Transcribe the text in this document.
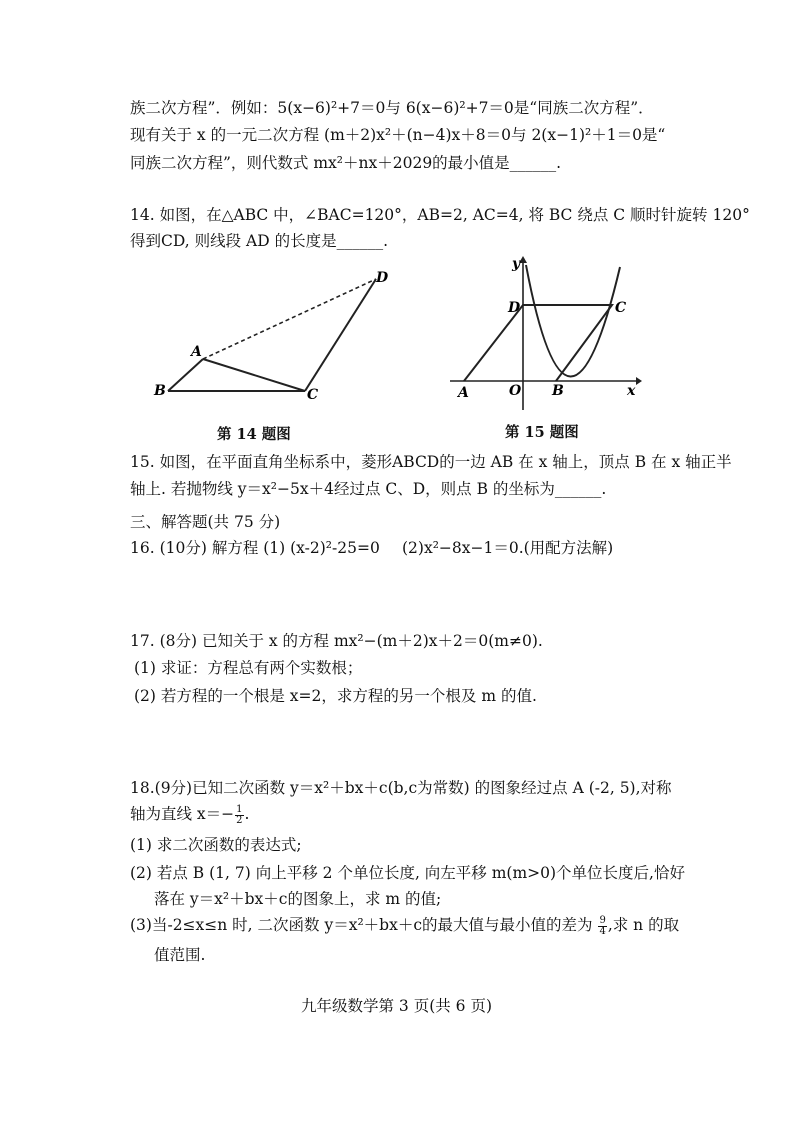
族二次方程”．例如：5(x−6)²+7＝0与 6(x−6)²+7＝0是“同族二次方程”．
现有关于 x 的一元二次方程 (m＋2)x²＋(n−4)x＋8＝0与 2(x−1)²＋1＝0是“
同族二次方程”，则代数式 mx²＋nx＋2029的最小值是______.
14. 如图，在△ABC 中，∠BAC=120°，AB=2, AC=4, 将 BC 绕点 C 顺时针旋转 120°
得到CD, 则线段 AD 的长度是______.
A
B	C
D
第 14 题图
y
D	C
A	O B	x
第 15 题图
15. 如图，在平面直角坐标系中，菱形ABCD的一边 AB 在 x 轴上，顶点 B 在 x 轴正半
轴上. 若抛物线 y＝x²−5x＋4经过点 C、D，则点 B 的坐标为______.
三、解答题(共 75 分)
16. (10分) 解方程 (1) (x-2)²-25=0 (2)x²−8x−1＝0.(用配方法解)
17. (8分) 已知关于 x 的方程 mx²−(m＋2)x＋2＝0(m≠0).
(1) 求证：方程总有两个实数根；
(2) 若方程的一个根是 x=2，求方程的另一个根及 m 的值.
18.(9分)已知二次函数 y＝x²＋bx＋c(b,c为常数) 的图象经过点 A (-2, 5),对称
轴为直线 $x=- \frac{1}{2}$ .
(1) 求二次函数的表达式;
(2) 若点 B (1, 7) 向上平移 2 个单位长度, 向左平移 m(m>0)个单位长度后,恰好
落在 y＝x²＋bx＋c的图象上，求 m 的值;
(3)当-2≤x≤n 时, 二次函数 y＝x²＋bx＋c的最大值与最小值的差为 $\frac{9}{4}$ ,求 n 的取
值范围.
九年级数学第 3 页(共 6 页)
